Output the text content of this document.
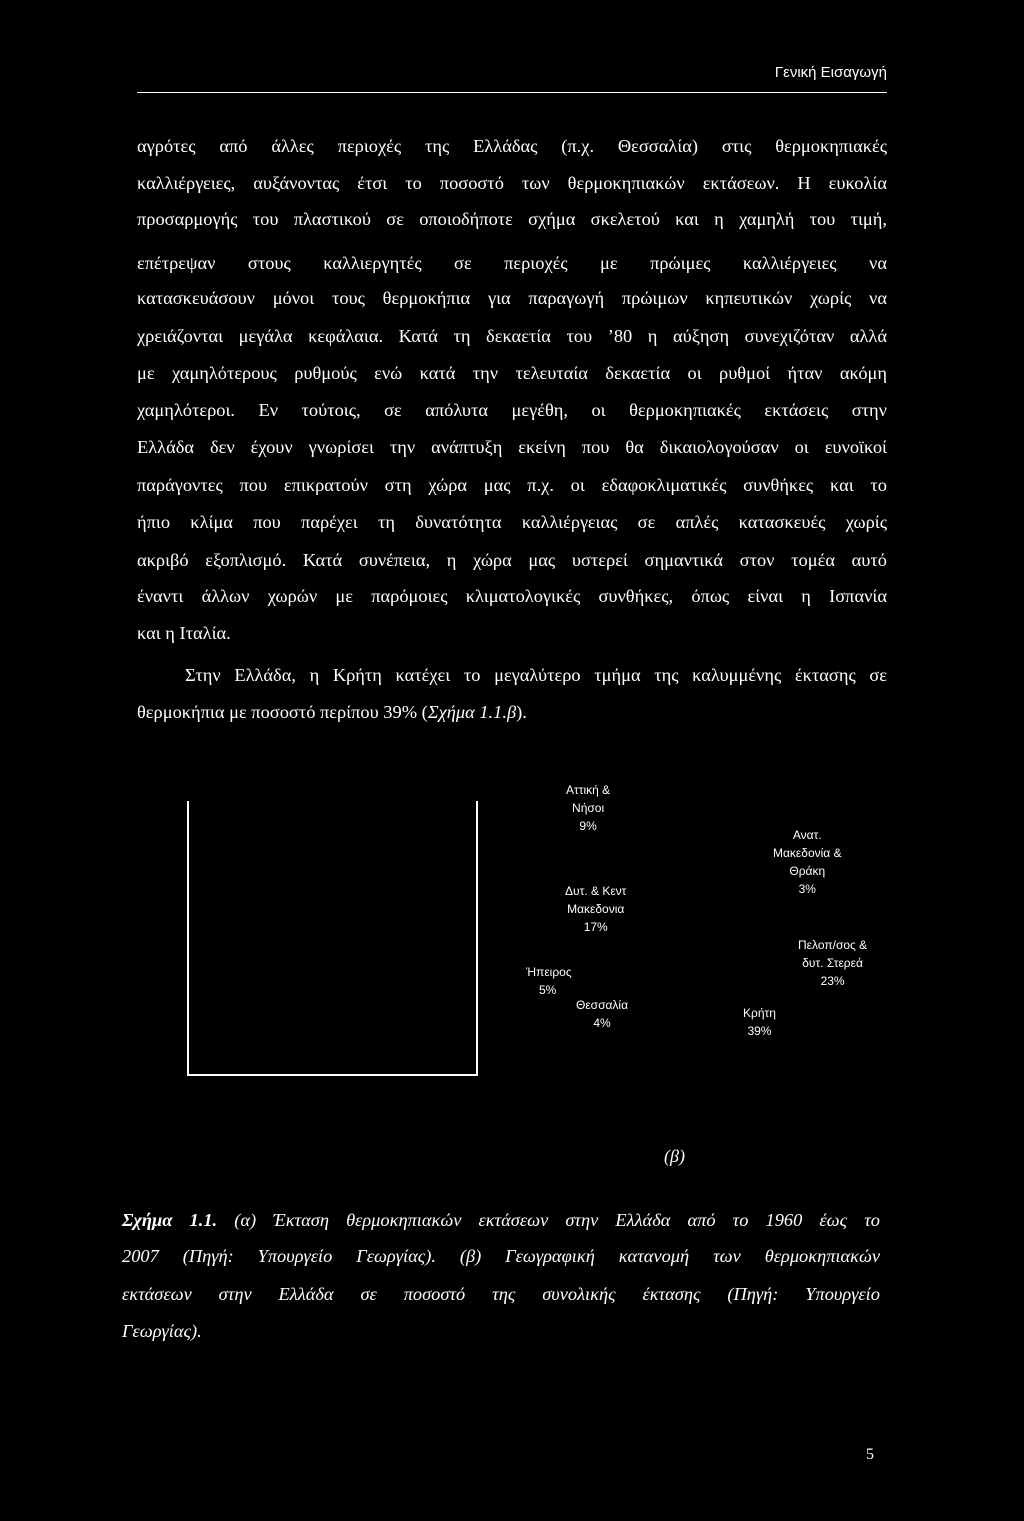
Γενική Εισαγωγή
αγρότες από άλλες περιοχές της Ελλάδας (π.χ. Θεσσαλία) στις θερμοκηπιακές
καλλιέργειες, αυξάνοντας έτσι το ποσοστό των θερμοκηπιακών εκτάσεων. Η ευκολία
προσαρμογής του πλαστικού σε οποιοδήποτε σχήμα σκελετού και η χαμηλή του τιμή,
επέτρεψαν στους καλλιεργητές σε περιοχές με πρώιμες καλλιέργειες να
κατασκευάσουν μόνοι τους θερμοκήπια για παραγωγή πρώιμων κηπευτικών χωρίς να
χρειάζονται μεγάλα κεφάλαια. Κατά τη δεκαετία του ’80 η αύξηση συνεχιζόταν αλλά
με χαμηλότερους ρυθμούς ενώ κατά την τελευταία δεκαετία οι ρυθμοί ήταν ακόμη
χαμηλότεροι. Εν τούτοις, σε απόλυτα μεγέθη, οι θερμοκηπιακές εκτάσεις στην
Ελλάδα δεν έχουν γνωρίσει την ανάπτυξη εκείνη που θα δικαιολογούσαν οι ευνοϊκοί
παράγοντες που επικρατούν στη χώρα μας π.χ. οι εδαφοκλιματικές συνθήκες και το
ήπιο κλίμα που παρέχει τη δυνατότητα καλλιέργειας σε απλές κατασκευές χωρίς
ακριβό εξοπλισμό. Κατά συνέπεια, η χώρα μας υστερεί σημαντικά στον τομέα αυτό
έναντι άλλων χωρών με παρόμοιες κλιματολογικές συνθήκες, όπως είναι η Ισπανία
και η Ιταλία.
Στην Ελλάδα, η Κρήτη κατέχει το μεγαλύτερο τμήμα της καλυμμένης έκτασης σε
θερμοκήπια με ποσοστό περίπου 39% (Σχήμα 1.1.β).
Αττική &
Νήσοι
9%
Ανατ.
Μακεδονία &
Θράκη
3%
Δυτ. & Κεντ
Μακεδονια
17%
Πελοπ/σος &
δυτ. Στερεά
23%
Ήπειρος
5%
Θεσσαλία
4%
Κρήτη
39%
(β)
Σχήμα 1.1. (α) Έκταση θερμοκηπιακών εκτάσεων στην Ελλάδα από το 1960 έως το
2007 (Πηγή: Υπουργείο Γεωργίας). (β) Γεωγραφική κατανομή των θερμοκηπιακών
εκτάσεων στην Ελλάδα σε ποσοστό της συνολικής έκτασης (Πηγή: Υπουργείο
Γεωργίας).
5
